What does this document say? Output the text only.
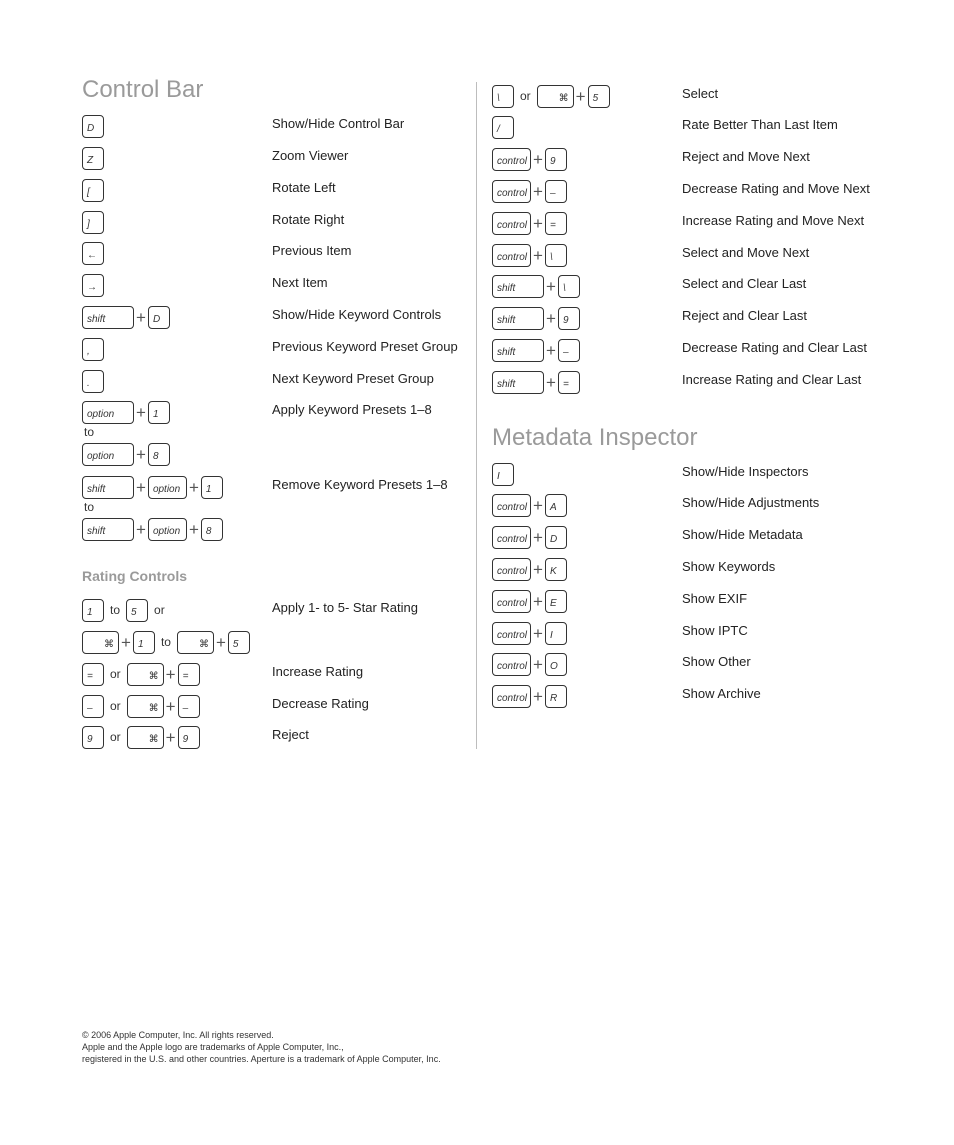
Control Bar
D	Show/Hide Control Bar
Z	Zoom Viewer
[	Rotate Left
]	Rotate Right
←	Previous Item
→	Next Item
shift	+ D	Show/Hide Keyword Controls
,	Previous Keyword Preset Group
.	Next Keyword Preset Group
option	+ 1	Apply Keyword Presets 1–8
to
option	+ 8
shift	+ option + 1	Remove Keyword Presets 1–8
to
shift	+ option + 8
Rating Controls
1	to	5	or	Apply 1- to 5- Star Rating
⌘ + 1	to	⌘ + 5
=	or	⌘ + =	Increase Rating
–	or	⌘ + –	Decrease Rating
9	or	⌘ + 9	Reject
\	or	⌘ + 5	Select
/	Rate Better Than Last Item
control + 9	Reject and Move Next
control + –	Decrease Rating and Move Next
control + =	Increase Rating and Move Next
control + \	Select and Move Next
shift	+ \	Select and Clear Last
shift	+ 9	Reject and Clear Last
shift	+ –	Decrease Rating and Clear Last
shift	+ =	Increase Rating and Clear Last
Metadata Inspector
I	Show/Hide Inspectors
control + A	Show/Hide Adjustments
control + D	Show/Hide Metadata
control + K	Show Keywords
control + E	Show EXIF
control + I	Show IPTC
control + O	Show Other
control + R	Show Archive
© 2006 Apple Computer, Inc. All rights reserved.
Apple and the Apple logo are trademarks of Apple Computer, Inc.,
registered in the U.S. and other countries. Aperture is a trademark of Apple Computer, Inc.
